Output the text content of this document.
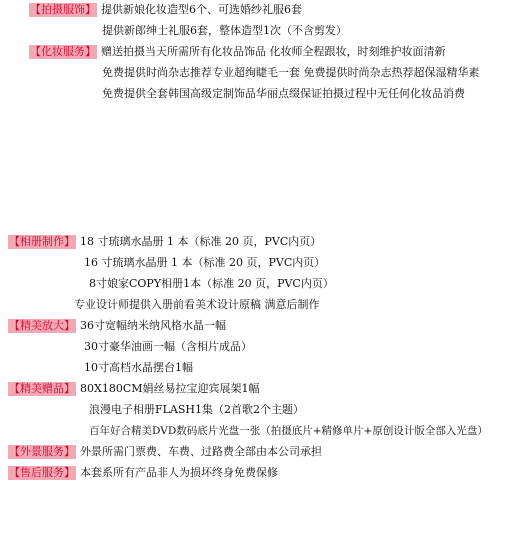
【拍摄服饰】 提供新娘化妆造型6个、可选婚纱礼服6套
提供新郎绅士礼服6套，整体造型1次（不含剪发）
【化妆服务】 赠送拍摄当天所需所有化妆品饰品 化妆师全程跟妆，时刻维护妆面清新
免费提供时尚杂志推荐专业超绚睫毛一套 免费提供时尚杂志热荐超保湿精华素
免费提供全套韩国高级定制饰品华丽点缀保证拍摄过程中无任何化妆品消费
【相册制作】 18 寸琉璃水晶册 1 本（标准 20 页，PVC内页）
16 寸琉璃水晶册 1 本（标准 20 页，PVC内页）
8寸娘家COPY相册1本（标准 20 页，PVC内页）
专业设计师提供入册前看美术设计原稿 满意后制作
【精美放大】 36寸宽幅纳米纳风格水晶一幅
30寸豪华油画一幅（含相片成品）
10寸高档水晶摆台1幅
【精美赠品】 80X180CM娟丝易拉宝迎宾展架1幅
浪漫电子相册FLASH1集（2首歌2个主题）
百年好合精美DVD数码底片光盘一张（拍摄底片+精修单片+原创设计版全部入光盘）
【外景服务】 外景所需门票费、车费、过路费全部由本公司承担
【售后服务】 本套系所有产品非人为损坏终身免费保修
